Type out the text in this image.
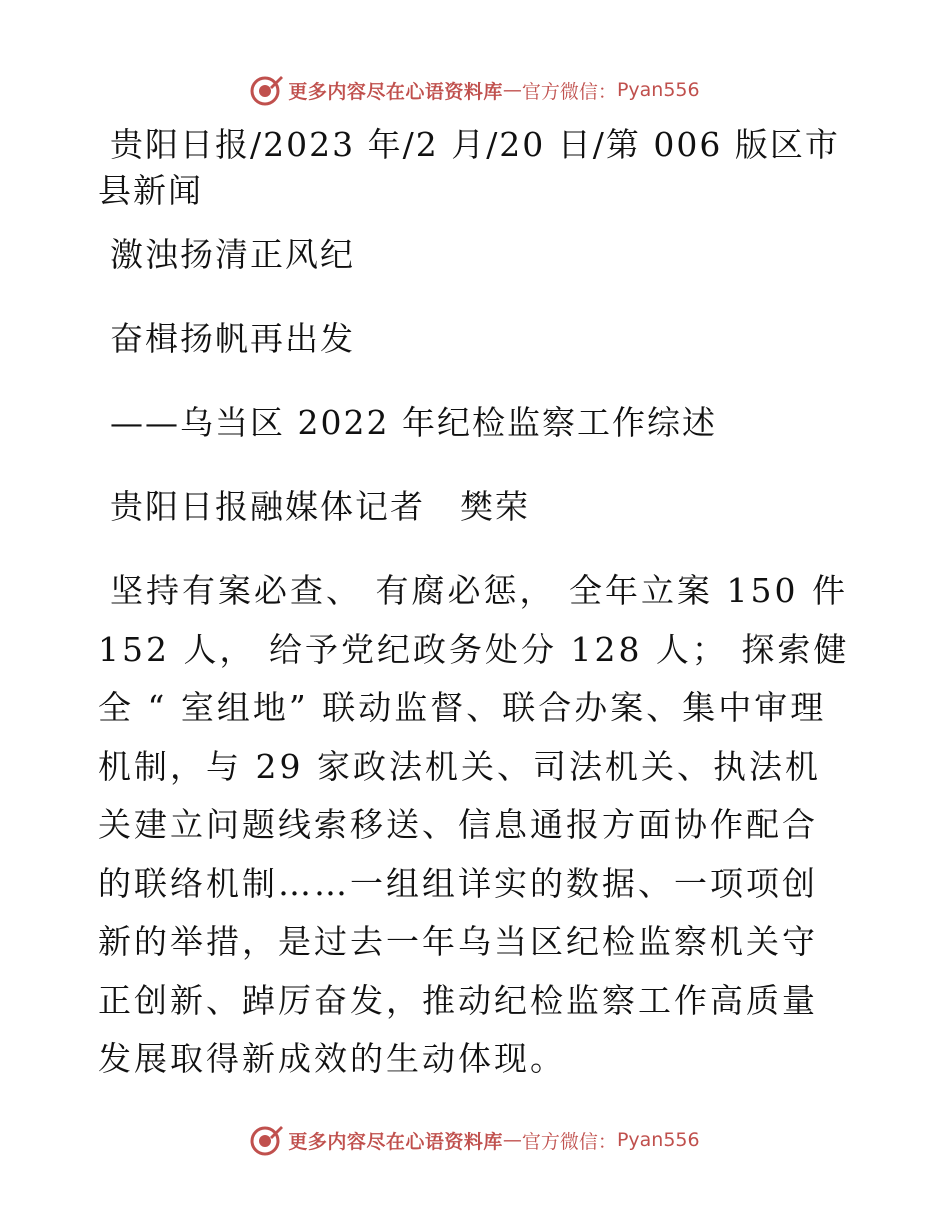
更多内容尽在心语资料库 — 官方微信： Pyan556

贵阳日报/2023 年/2 月/20 日/第 006 版区市县新闻

激浊扬清正风纪

奋楫扬帆再出发

——乌当区 2022 年纪检监察工作综述

贵阳日报融媒体记者　樊荣

坚持有案必查、 有腐必惩， 全年立案 150 件 152 人， 给予党纪政务处分 128 人； 探索健全 “ 室组地” 联动监督、联合办案、集中审理机制，与 29 家政法机关、司法机关、执法机关建立问题线索移送、信息通报方面协作配合的联络机制……一组组详实的数据、一项项创新的举措，是过去一年乌当区纪检监察机关守正创新、踔厉奋发，推动纪检监察工作高质量发展取得新成效的生动体现。

更多内容尽在心语资料库 — 官方微信： Pyan556
